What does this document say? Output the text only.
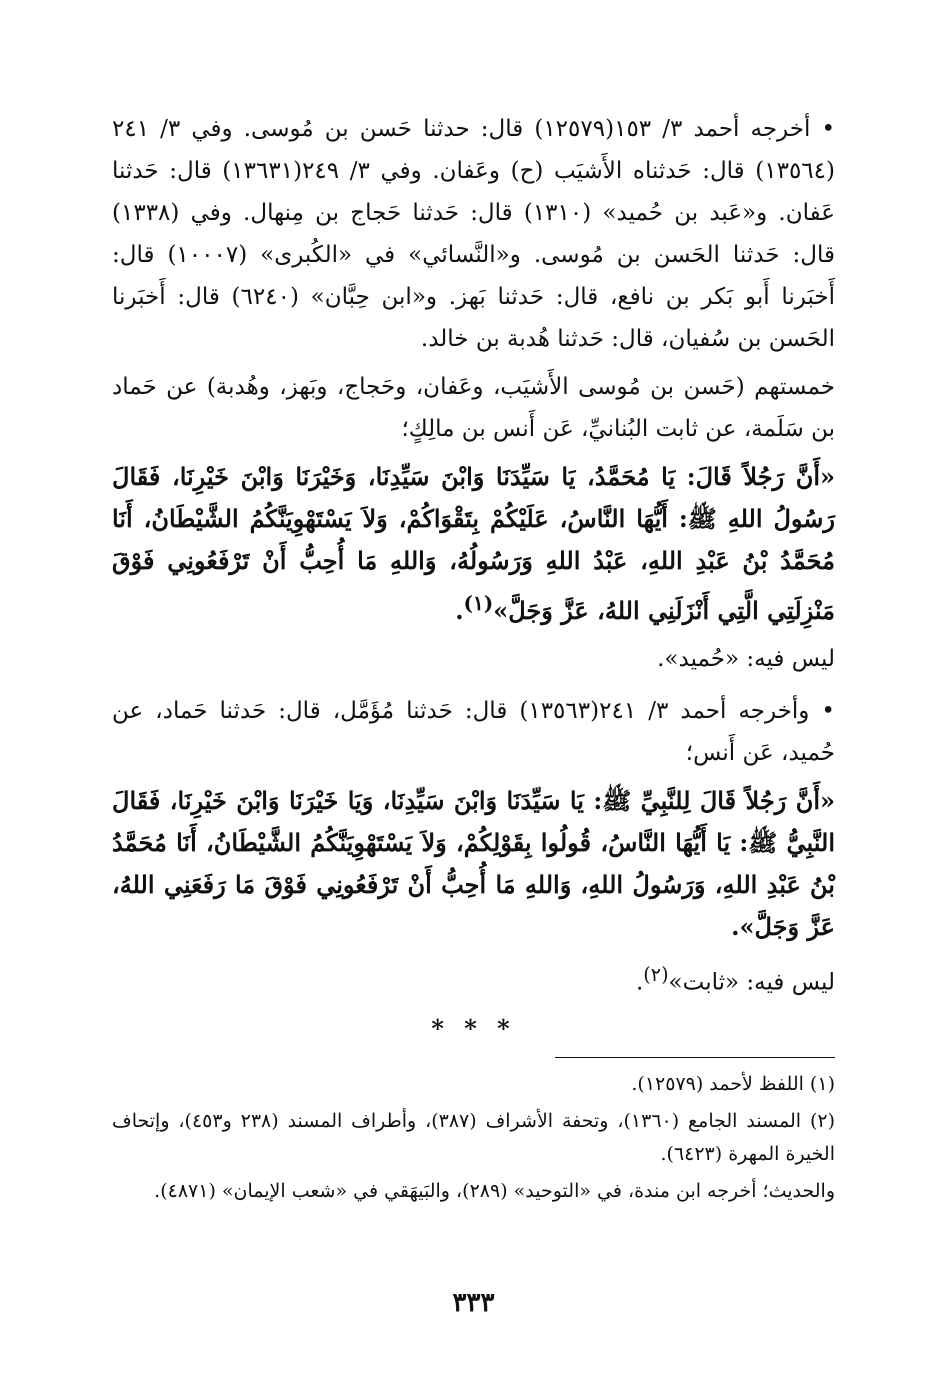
• أخرجه أحمد ٣/ ١٥٣(١٢٥٧٩) قال: حدثنا حَسن بن مُوسى. وفي ٣/ ٢٤١ (١٣٥٦٤) قال: حَدثناه الأَشيَب (ح) وعَفان. وفي ٣/ ٢٤٩(١٣٦٣١) قال: حَدثنا عَفان. و«عَبد بن حُميد» (١٣١٠) قال: حَدثنا حَجاج بن مِنهال. وفي (١٣٣٨) قال: حَدثنا الحَسن بن مُوسى. و«النَّسائي» في «الكُبرى» (١٠٠٠٧) قال: أَخبَرنا أَبو بَكر بن نافع، قال: حَدثنا بَهز. و«ابن حِبَّان» (٦٢٤٠) قال: أَخبَرنا الحَسن بن سُفيان، قال: حَدثنا هُدبة بن خالد.

خمستهم (حَسن بن مُوسى الأَشيَب، وعَفان، وحَجاج، وبَهز، وهُدبة) عن حَماد بن سَلَمة، عن ثابت البُنانيِّ، عَن أَنس بن مالِكٍ؛

«أَنَّ رَجُلاً قَالَ: يَا مُحَمَّدُ، يَا سَيِّدَنَا وَابْنَ سَيِّدِنَا، وَخَيْرَنَا وَابْنَ خَيْرِنَا، فَقَالَ رَسُولُ اللهِ ﷺ: أَيُّهَا النَّاسُ، عَلَيْكُمْ بِتَقْوَاكُمْ، وَلاَ يَسْتَهْوِيَنَّكُمُ الشَّيْطَانُ، أَنَا مُحَمَّدُ بْنُ عَبْدِ اللهِ، عَبْدُ اللهِ وَرَسُولُهُ، وَاللهِ مَا أُحِبُّ أَنْ تَرْفَعُونِي فَوْقَ مَنْزِلَتِي الَّتِي أَنْزَلَنِي اللهُ، عَزَّ وَجَلَّ»$^{(١)}$.

ليس فيه: «حُميد».

• وأخرجه أحمد ٣/ ٢٤١(١٣٥٦٣) قال: حَدثنا مُؤَمَّل، قال: حَدثنا حَماد، عن حُميد، عَن أَنس؛

«أَنَّ رَجُلاً قَالَ لِلنَّبِيِّ ﷺ: يَا سَيِّدَنَا وَابْنَ سَيِّدِنَا، وَيَا خَيْرَنَا وَابْنَ خَيْرِنَا، فَقَالَ النَّبِيُّ ﷺ: يَا أَيُّهَا النَّاسُ، قُولُوا بِقَوْلِكُمْ، وَلاَ يَسْتَهْوِيَنَّكُمُ الشَّيْطَانُ، أَنَا مُحَمَّدُ بْنُ عَبْدِ اللهِ، وَرَسُولُ اللهِ، وَاللهِ مَا أُحِبُّ أَنْ تَرْفَعُونِي فَوْقَ مَا رَفَعَنِي اللهُ، عَزَّ وَجَلَّ».

ليس فيه: «ثابت»$^{(٢)}$.

* * *

(١) اللفظ لأحمد (١٢٥٧٩).

(٢) المسند الجامع (١٣٦٠)، وتحفة الأشراف (٣٨٧)، وأطراف المسند (٢٣٨ و٤٥٣)، وإتحاف الخيرة المهرة (٦٤٢٣).

والحديث؛ أخرجه ابن مندة، في «التوحيد» (٢٨٩)، والبَيهَقي في «شعب الإيمان» (٤٨٧١).

٣٣٣
